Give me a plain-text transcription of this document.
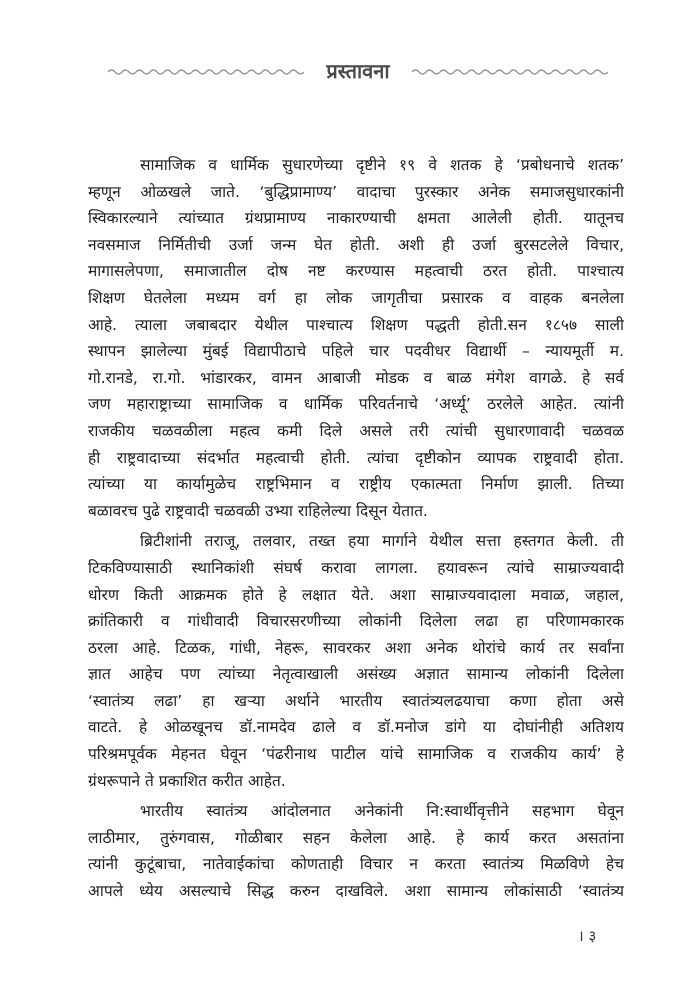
प्रस्तावना
सामाजिक व धार्मिक सुधारणेच्या दृष्टीने १९ वे शतक हे ‘प्रबोधनाचे शतक’
म्हणून ओळखले जाते. ‘बुद्धिप्रामाण्य’ वादाचा पुरस्कार अनेक समाजसुधारकांनी
स्विकारल्याने त्यांच्यात ग्रंथप्रामाण्य नाकारण्याची क्षमता आलेली होती. यातूनच
नवसमाज निर्मितीची उर्जा जन्म घेत होती. अशी ही उर्जा बुरसटलेले विचार,
मागासलेपणा, समाजातील दोष नष्ट करण्यास महत्वाची ठरत होती. पाश्चात्य
शिक्षण घेतलेला मध्यम वर्ग हा लोक जागृतीचा प्रसारक व वाहक बनलेला
आहे. त्याला जबाबदार येथील पाश्चात्य शिक्षण पद्धती होती.सन १८५७ साली
स्थापन झालेल्या मुंबई विद्यापीठाचे पहिले चार पदवीधर विद्यार्थी – न्यायमूर्ती म.
गो.रानडे, रा.गो. भांडारकर, वामन आबाजी मोडक व बाळ मंगेश वागळे. हे सर्व
जण महाराष्ट्राच्या सामाजिक व धार्मिक परिवर्तनाचे ‘अर्ध्यू’ ठरलेले आहेत. त्यांनी
राजकीय चळवळीला महत्व कमी दिले असले तरी त्यांची सुधारणावादी चळवळ
ही राष्ट्रवादाच्या संदर्भात महत्वाची होती. त्यांचा दृष्टीकोन व्यापक राष्ट्रवादी होता.
त्यांच्या या कार्यामुळेच राष्ट्रभिमान व राष्ट्रीय एकात्मता निर्माण झाली. तिच्या
बळावरच पुढे राष्ट्रवादी चळवळी उभ्या राहिलेल्या दिसून येतात.
ब्रिटीशांनी तराजू, तलवार, तख्त हया मार्गाने येथील सत्ता हस्तगत केली. ती
टिकविण्यासाठी स्थानिकांशी संघर्ष करावा लागला. हयावरून त्यांचे साम्राज्यवादी
धोरण किती आक्रमक होते हे लक्षात येते. अशा साम्राज्यवादाला मवाळ, जहाल,
क्रांतिकारी व गांधीवादी विचारसरणीच्या लोकांनी दिलेला लढा हा परिणामकारक
ठरला आहे. टिळक, गांधी, नेहरू, सावरकर अशा अनेक थोरांचे कार्य तर सर्वांना
ज्ञात आहेच पण त्यांच्या नेतृत्वाखाली असंख्य अज्ञात सामान्य लोकांनी दिलेला
‘स्वातंत्र्य लढा’ हा खऱ्या अर्थाने भारतीय स्वातंत्र्यलढयाचा कणा होता असे
वाटते. हे ओळखूनच डॉ.नामदेव ढाले व डॉ.मनोज डांगे या दोघांनीही अतिशय
परिश्रमपूर्वक मेहनत घेवून ‘पंढरीनाथ पाटील यांचे सामाजिक व राजकीय कार्य’ हे
ग्रंथरूपाने ते प्रकाशित करीत आहेत.
भारतीय स्वातंत्र्य आंदोलनात अनेकांनी नि:स्वार्थीवृत्तीने सहभाग घेवून
लाठीमार, तुरुंगवास, गोळीबार सहन केलेला आहे. हे कार्य करत असतांना
त्यांनी कुटूंबाचा, नातेवाईकांचा कोणताही विचार न करता स्वातंत्र्य मिळविणे हेच
आपले ध्येय असल्याचे सिद्ध करुन दाखविले. अशा सामान्य लोकांसाठी ‘स्वातंत्र्य
। ३
